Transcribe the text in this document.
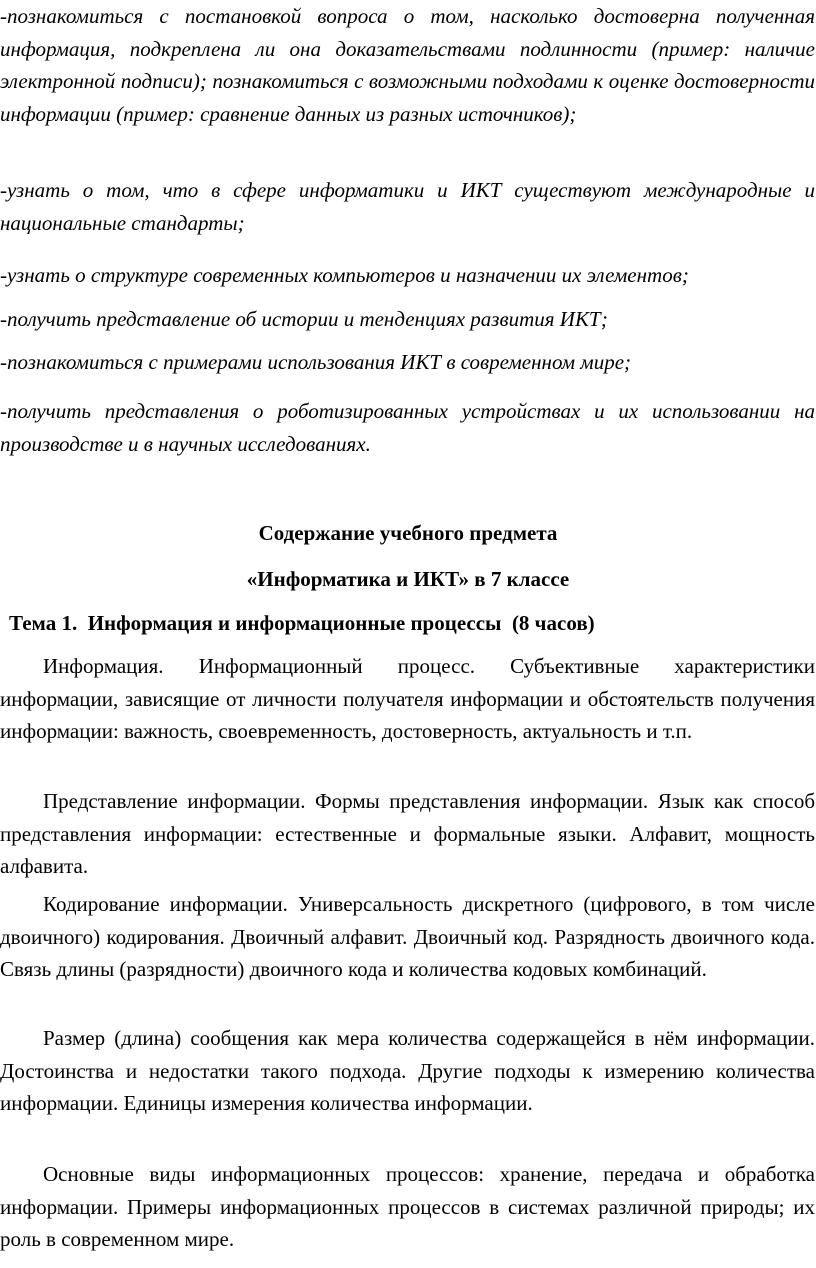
-познакомиться с постановкой вопроса о том, насколько достоверна полученная информация, подкреплена ли она доказательствами подлинности (пример: наличие электронной подписи); познакомиться с возможными подходами к оценке достоверности информации (пример: сравнение данных из разных источников);

-узнать о том, что в сфере информатики и ИКТ существуют международные и национальные стандарты;

-узнать о структуре современных компьютеров и назначении их элементов;

-получить представление об истории и тенденциях развития ИКТ;

-познакомиться с примерами использования ИКТ в современном мире;

-получить представления о роботизированных устройствах и их использовании на производстве и в научных исследованиях.

Содержание учебного предмета

«Информатика и ИКТ» в 7 классе

Тема 1.  Информация и информационные процессы  (8 часов)

Информация. Информационный процесс. Субъективные характеристики информации, зависящие от личности получателя информации и обстоятельств получения информации: важность, своевременность, достоверность, актуальность и т.п.

Представление информации. Формы представления информации. Язык как способ представления информации: естественные и формальные языки. Алфавит, мощность алфавита.

Кодирование информации. Универсальность дискретного (цифрового, в том числе двоичного) кодирования. Двоичный алфавит. Двоичный код. Разрядность двоичного кода. Связь длины (разрядности) двоичного кода и количества кодовых комбинаций.

Размер (длина) сообщения как мера количества содержащейся в нём информации. Достоинства и недостатки такого подхода. Другие подходы к измерению количества информации. Единицы измерения количества информации.

Основные виды информационных процессов: хранение, передача и обработка информации. Примеры информационных процессов в системах различной природы; их роль в современном мире.
